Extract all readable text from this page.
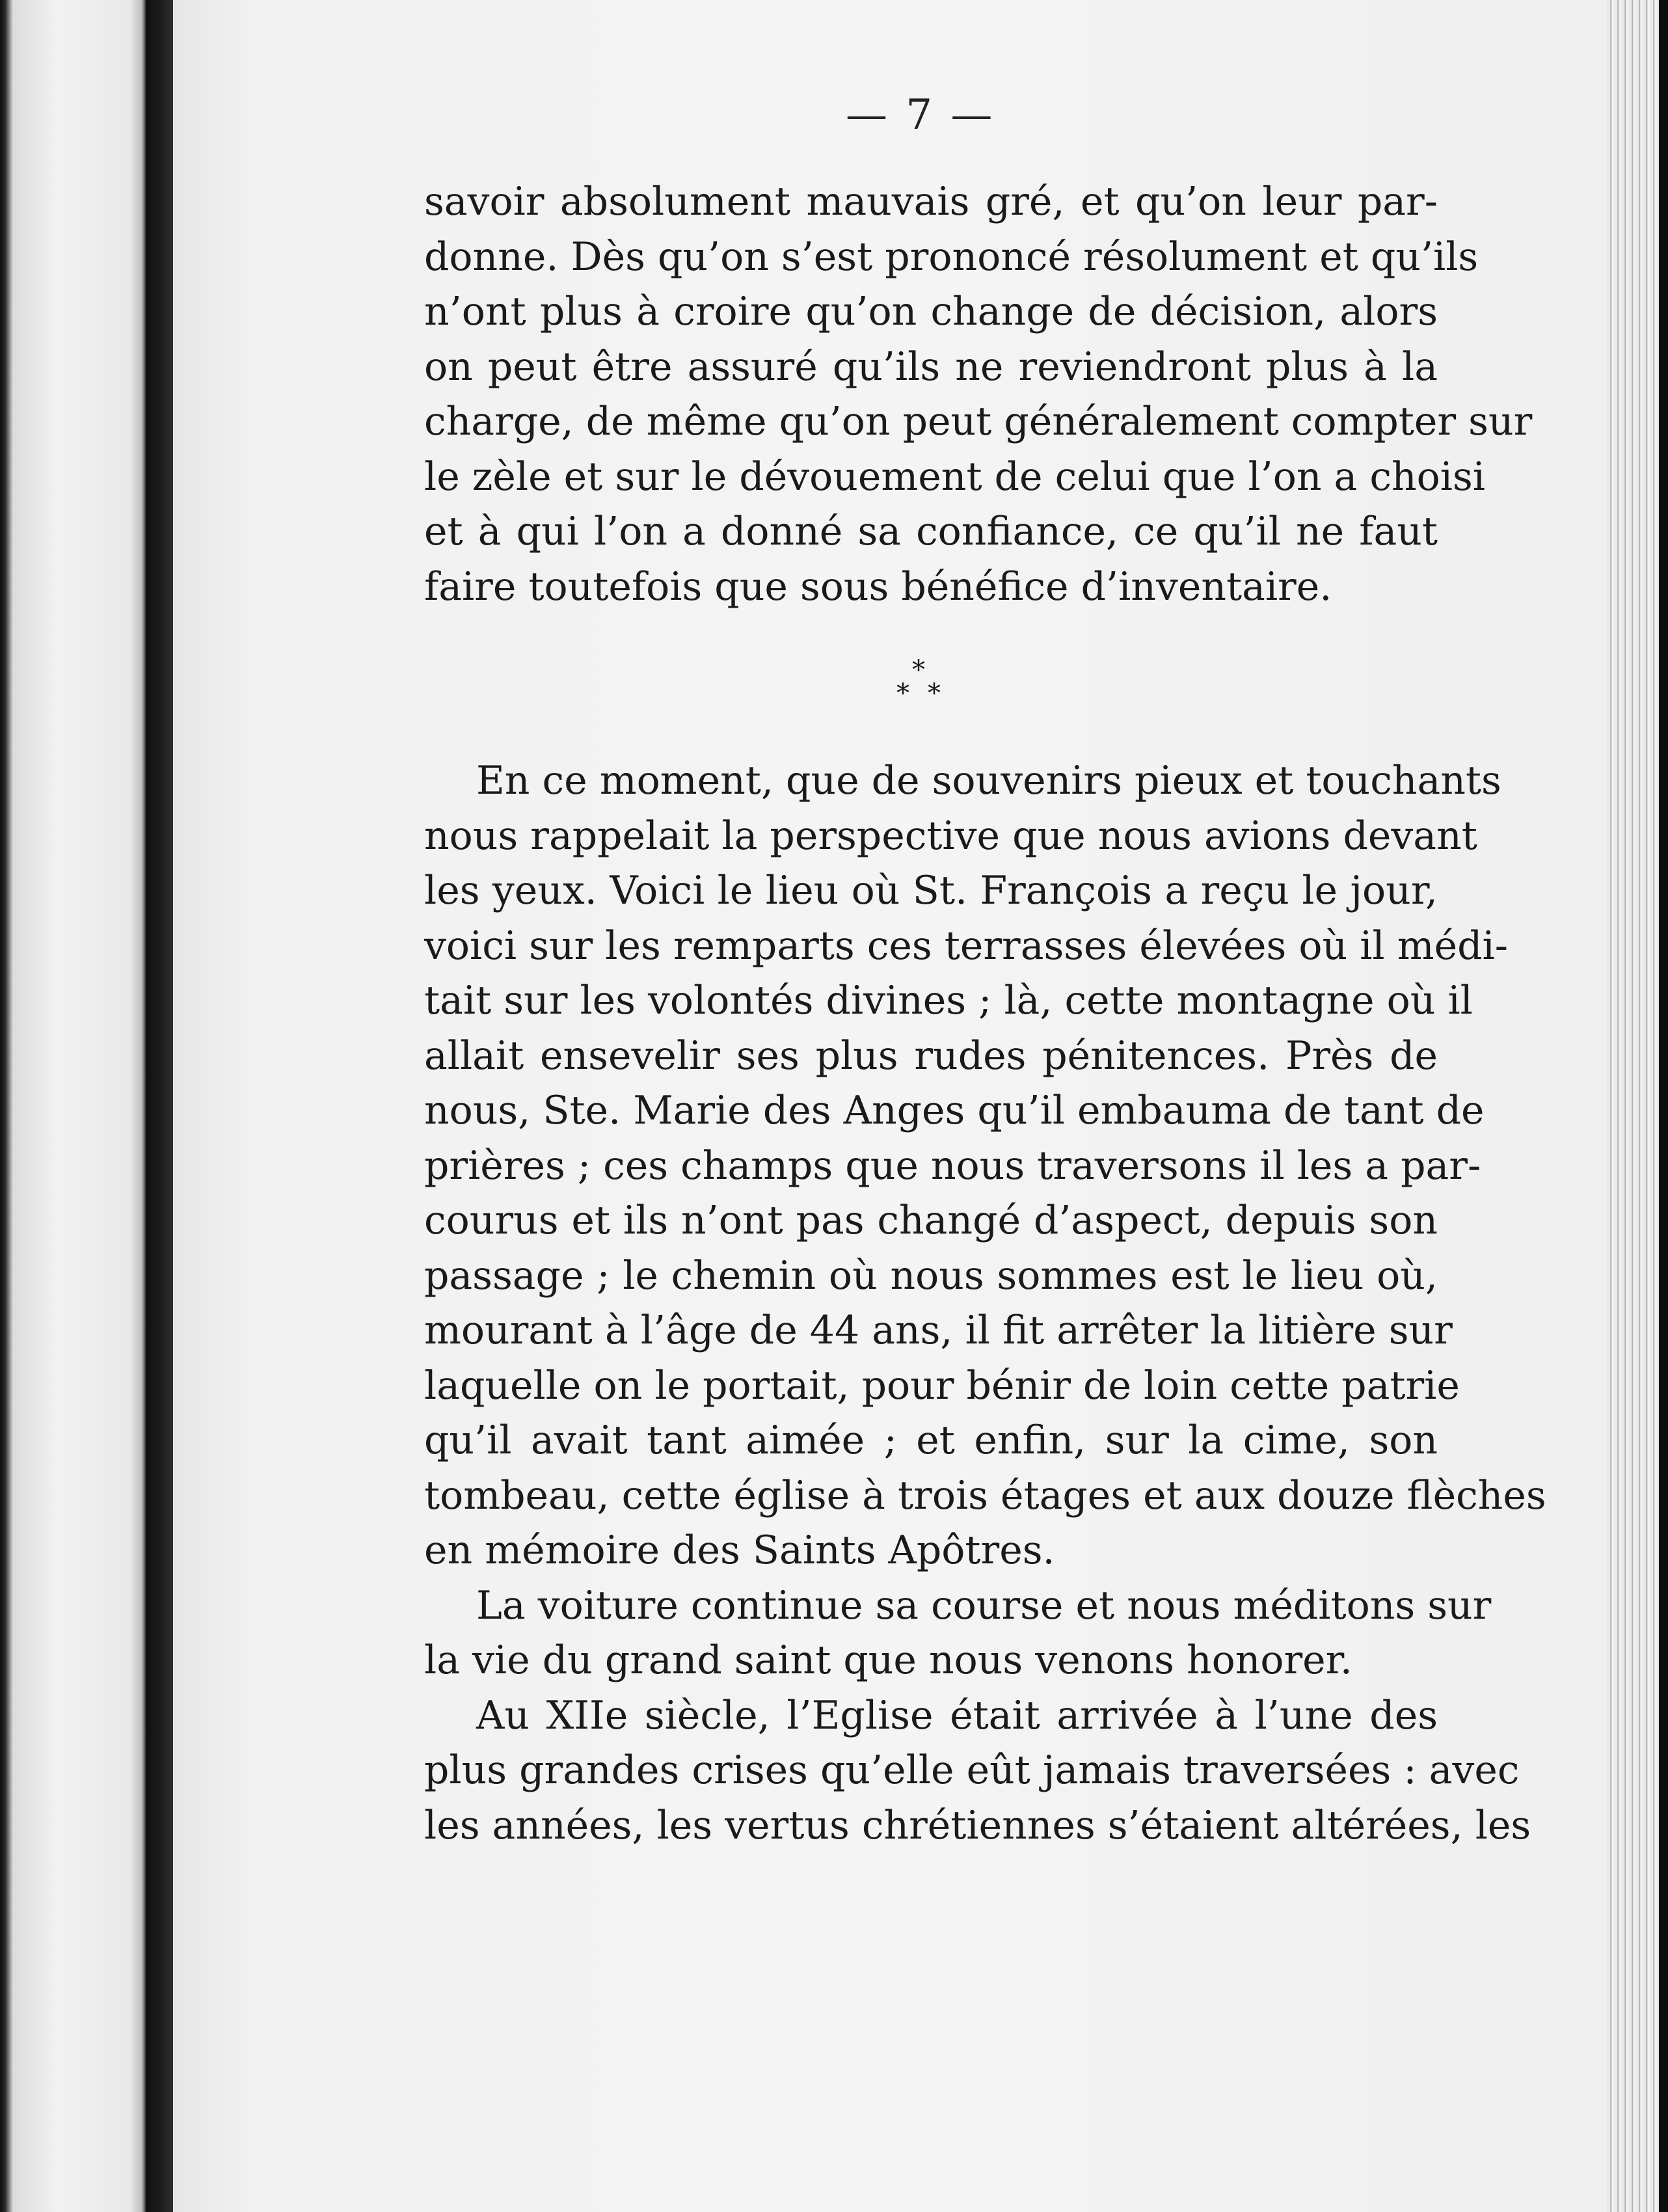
— 7 —
savoir absolument mauvais gré, et qu’on leur par-
donne. Dès qu’on s’est prononcé résolument et qu’ils
n’ont plus à croire qu’on change de décision, alors
on peut être assuré qu’ils ne reviendront plus à la
charge, de même qu’on peut généralement compter sur
le zèle et sur le dévouement de celui que l’on a choisi
et à qui l’on a donné sa confiance, ce qu’il ne faut
faire toutefois que sous bénéfice d’inventaire.
*
* *
En ce moment, que de souvenirs pieux et touchants
nous rappelait la perspective que nous avions devant
les yeux. Voici le lieu où St. François a reçu le jour,
voici sur les remparts ces terrasses élevées où il médi-
tait sur les volontés divines ; là, cette montagne où il
allait ensevelir ses plus rudes pénitences. Près de
nous, Ste. Marie des Anges qu’il embauma de tant de
prières ; ces champs que nous traversons il les a par-
courus et ils n’ont pas changé d’aspect, depuis son
passage ; le chemin où nous sommes est le lieu où,
mourant à l’âge de 44 ans, il fit arrêter la litière sur
laquelle on le portait, pour bénir de loin cette patrie
qu’il avait tant aimée ; et enfin, sur la cime, son
tombeau, cette église à trois étages et aux douze flèches
en mémoire des Saints Apôtres.
La voiture continue sa course et nous méditons sur
la vie du grand saint que nous venons honorer.
Au XIIe siècle, l’Eglise était arrivée à l’une des
plus grandes crises qu’elle eût jamais traversées : avec
les années, les vertus chrétiennes s’étaient altérées, les
